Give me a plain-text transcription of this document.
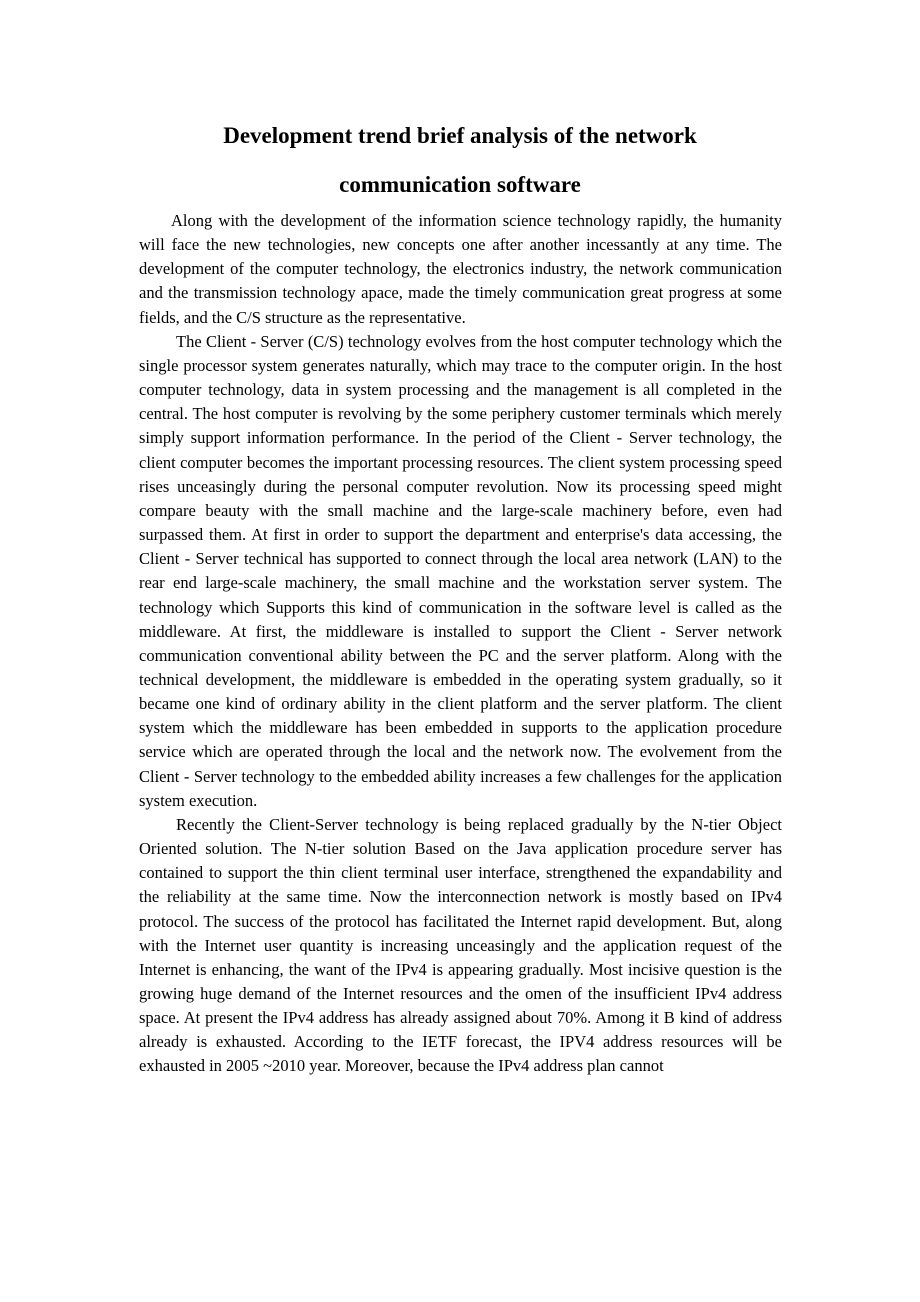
Development trend brief analysis of the network
communication software

Along with the development of the information science technology rapidly, the humanity will face the new technologies, new concepts one after another incessantly at any time. The development of the computer technology, the electronics industry, the network communication and the transmission technology apace, made the timely communication great progress at some fields, and the C/S structure as the representative.

The Client - Server (C/S) technology evolves from the host computer technology which the single processor system generates naturally, which may trace to the computer origin. In the host computer technology, data in system processing and the management is all completed in the central. The host computer is revolving by the some periphery customer terminals which merely simply support information performance. In the period of the Client - Server technology, the client computer becomes the important processing resources. The client system processing speed rises unceasingly during the personal computer revolution. Now its processing speed might compare beauty with the small machine and the large-scale machinery before, even had surpassed them. At first in order to support the department and enterprise's data accessing, the Client - Server technical has supported to connect through the local area network (LAN) to the rear end large-scale machinery, the small machine and the workstation server system. The technology which Supports this kind of communication in the software level is called as the middleware. At first, the middleware is installed to support the Client - Server network communication conventional ability between the PC and the server platform. Along with the technical development, the middleware is embedded in the operating system gradually, so it became one kind of ordinary ability in the client platform and the server platform. The client system which the middleware has been embedded in supports to the application procedure service which are operated through the local and the network now. The evolvement from the Client - Server technology to the embedded ability increases a few challenges for the application system execution.

Recently the Client-Server technology is being replaced gradually by the N-tier Object Oriented solution. The N-tier solution Based on the Java application procedure server has contained to support the thin client terminal user interface, strengthened the expandability and the reliability at the same time. Now the interconnection network is mostly based on IPv4 protocol. The success of the protocol has facilitated the Internet rapid development. But, along with the Internet user quantity is increasing unceasingly and the application request of the Internet is enhancing, the want of the IPv4 is appearing gradually. Most incisive question is the growing huge demand of the Internet resources and the omen of the insufficient IPv4 address space. At present the IPv4 address has already assigned about 70%. Among it B kind of address already is exhausted. According to the IETF forecast, the IPV4 address resources will be exhausted in 2005 ~2010 year. Moreover, because the IPv4 address plan cannot
